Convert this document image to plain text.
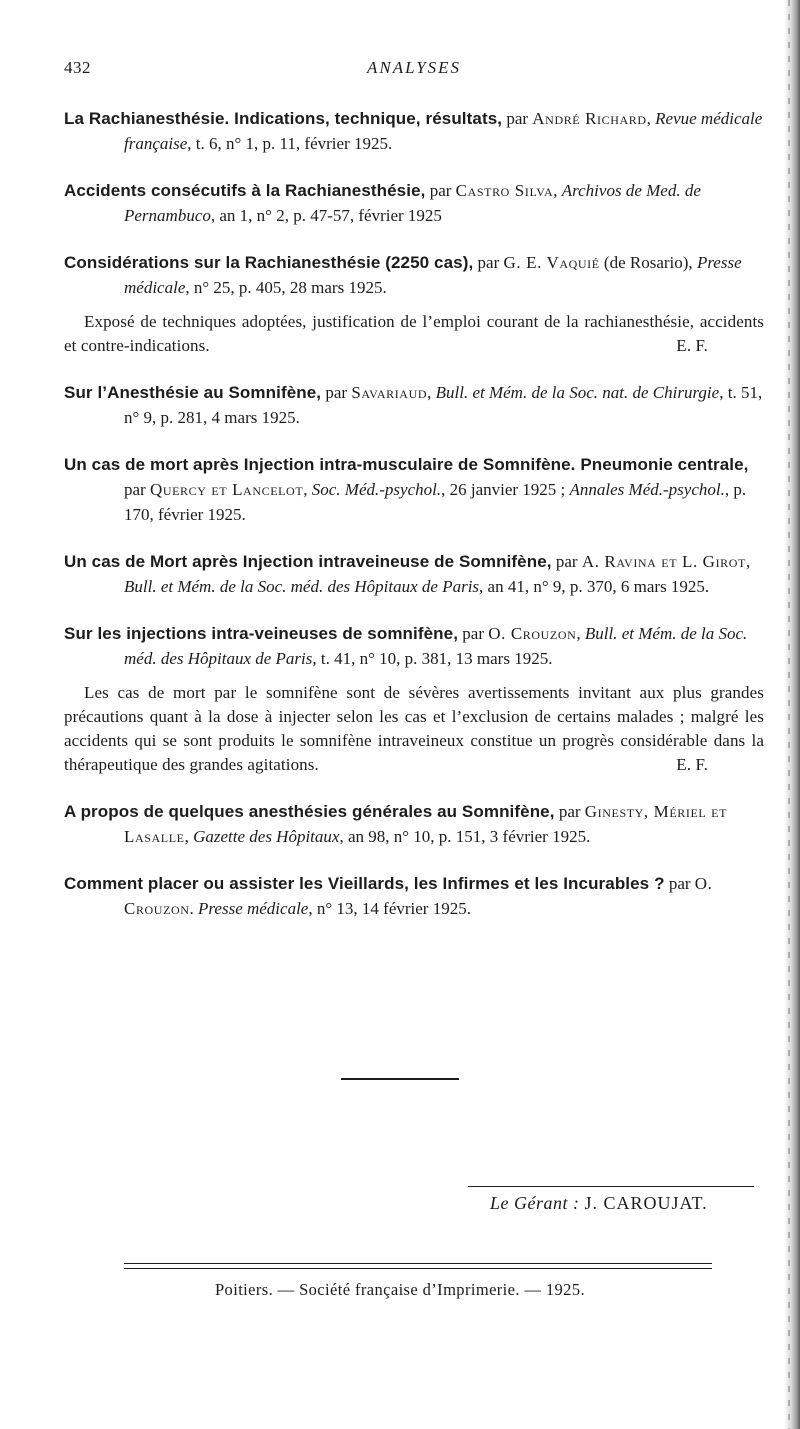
432	ANALYSES

La Rachianesthésie. Indications, technique, résultats, par André Richard, Revue médicale française, t. 6, n° 1, p. 11, février 1925.

Accidents consécutifs à la Rachianesthésie, par Castro Silva, Archivos de Med. de Pernambuco, an 1, n° 2, p. 47-57, février 1925

Considérations sur la Rachianesthésie (2250 cas), par G. E. Vaquié (de Rosario), Presse médicale, n° 25, p. 405, 28 mars 1925.

Exposé de techniques adoptées, justification de l’emploi courant de la rachianesthésie, accidents et contre-indications.	E. F.

Sur l’Anesthésie au Somnifène, par Savariaud, Bull. et Mém. de la Soc. nat. de Chirurgie, t. 51, n° 9, p. 281, 4 mars 1925.

Un cas de mort après Injection intra-musculaire de Somnifène. Pneumonie centrale, par Quercy et Lancelot, Soc. Méd.-psychol., 26 janvier 1925 ; Annales Méd.-psychol., p. 170, février 1925.

Un cas de Mort après Injection intraveineuse de Somnifène, par A. Ravina et L. Girot, Bull. et Mém. de la Soc. méd. des Hôpitaux de Paris, an 41, n° 9, p. 370, 6 mars 1925.

Sur les injections intra-veineuses de somnifène, par O. Crouzon, Bull. et Mém. de la Soc. méd. des Hôpitaux de Paris, t. 41, n° 10, p. 381, 13 mars 1925.

Les cas de mort par le somnifène sont de sévères avertissements invitant aux plus grandes précautions quant à la dose à injecter selon les cas et l’exclusion de certains malades ; malgré les accidents qui se sont produits le somnifène intraveineux constitue un progrès considérable dans la thérapeutique des grandes agitations.	E. F.

A propos de quelques anesthésies générales au Somnifène, par Ginesty, Mériel et Lasalle, Gazette des Hôpitaux, an 98, n° 10, p. 151, 3 février 1925.

Comment placer ou assister les Vieillards, les Infirmes et les Incurables ? par O. Crouzon. Presse médicale, n° 13, 14 février 1925.

Le Gérant : J. CAROUJAT.
Poitiers. — Société française d’Imprimerie. — 1925.
